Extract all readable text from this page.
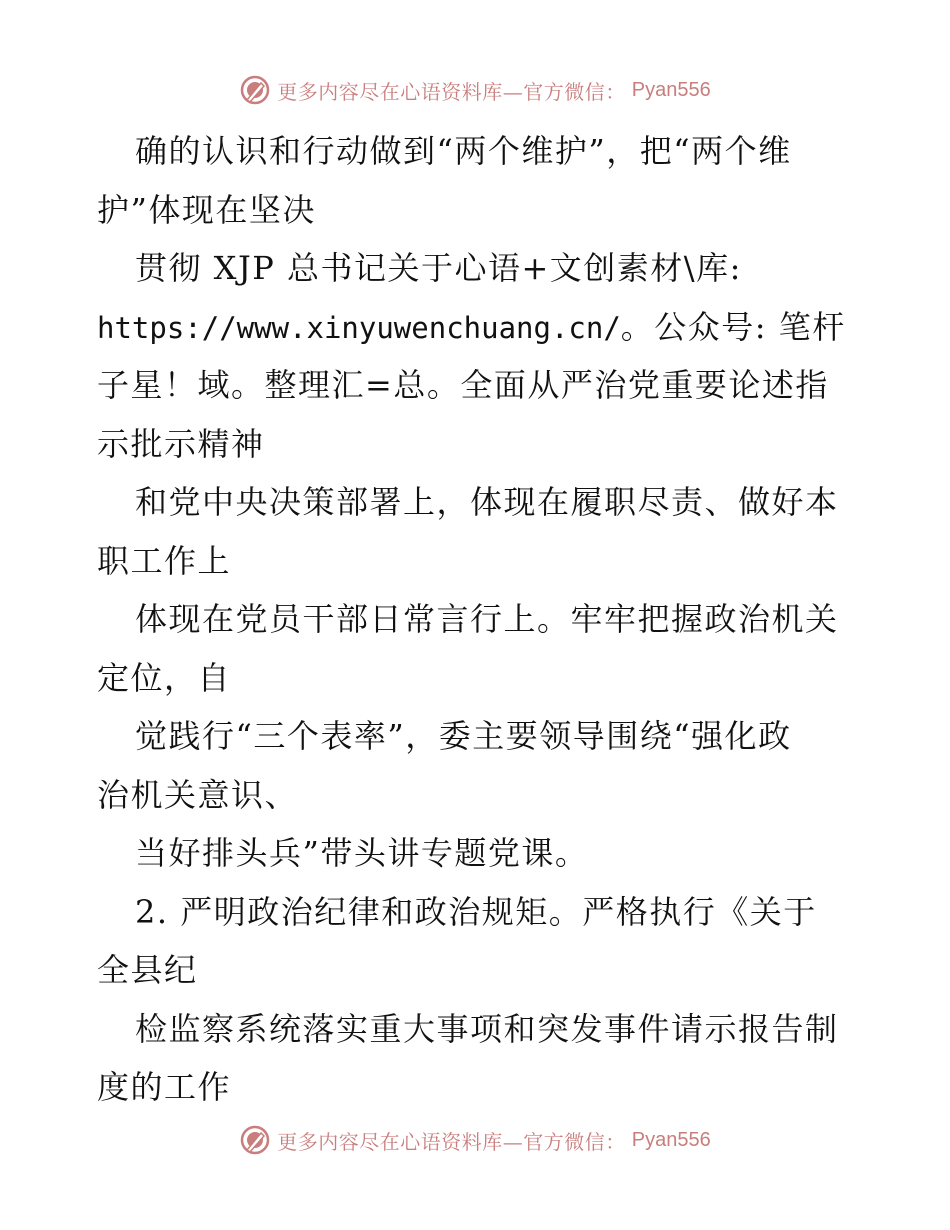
更多内容尽在心语资料库—官方微信： Pyan556
确的认识和行动做到“两个维护”，把“两个维
护”体现在坚决
贯彻 XJP 总书记关于心语+文创素材\库:
https://www.xinyuwenchuang.cn/。公众号: 笔杆
子星！域。整理汇=总。全面从严治党重要论述指
示批示精神
和党中央决策部署上，体现在履职尽责、做好本
职工作上
体现在党员干部日常言行上。牢牢把握政治机关
定位，自
觉践行“三个表率”，委主要领导围绕“强化政
治机关意识、
当好排头兵”带头讲专题党课。
2. 严明政治纪律和政治规矩。严格执行《关于
全县纪
检监察系统落实重大事项和突发事件请示报告制
度的工作
更多内容尽在心语资料库—官方微信： Pyan556
